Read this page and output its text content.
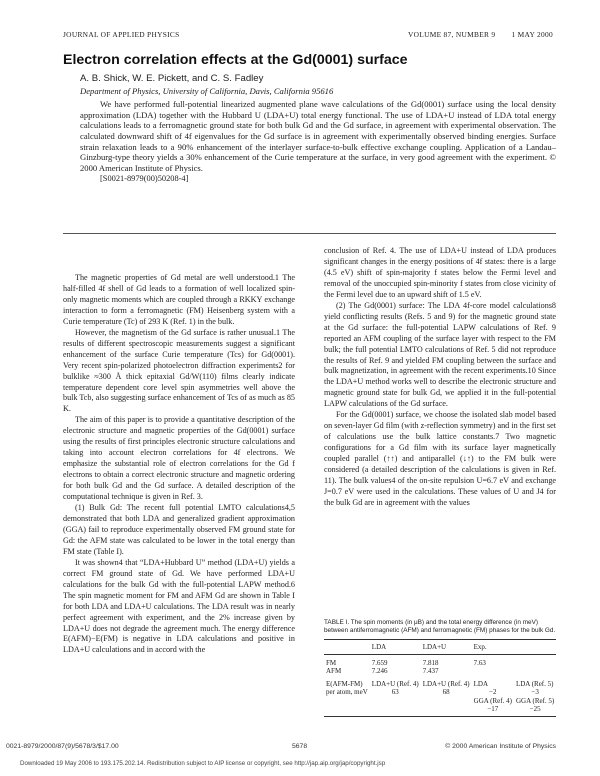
JOURNAL OF APPLIED PHYSICS	VOLUME 87, NUMBER 9 1 MAY 2000
Electron correlation effects at the Gd(0001) surface
A. B. Shick, W. E. Pickett, and C. S. Fadley
Department of Physics, University of California, Davis, California 95616

We have performed full-potential linearized augmented plane wave calculations of the Gd(0001) surface using the local density approximation (LDA) together with the Hubbard U (LDA+U) total energy functional. The use of LDA+U instead of LDA total energy calculations leads to a ferromagnetic ground state for both bulk Gd and the Gd surface, in agreement with experimental observation. The calculated downward shift of 4f eigenvalues for the Gd surface is in agreement with experimentally observed binding energies. Surface strain relaxation leads to a 90% enhancement of the interlayer surface-to-bulk effective exchange coupling. Application of a Landau–Ginzburg-type theory yields a 30% enhancement of the Curie temperature at the surface, in very good agreement with the experiment. © 2000 American Institute of Physics.

[S0021-8979(00)50208-4]

The magnetic properties of Gd metal are well understood.1 The half-filled 4f shell of Gd leads to a formation of well localized spin-only magnetic moments which are coupled through a RKKY exchange interaction to form a ferromagnetic (FM) Heisenberg system with a Curie temperature (Tc) of 293 K (Ref. 1) in the bulk.

However, the magnetism of the Gd surface is rather unusual.1 The results of different spectroscopic measurements suggest a significant enhancement of the surface Curie temperature (Tcs) for Gd(0001). Very recent spin-polarized photoelectron diffraction experiments2 for bulklike ≈300 Å thick epitaxial Gd/W(110) films clearly indicate temperature dependent core level spin asymmetries well above the bulk Tcb, also suggesting surface enhancement of Tcs of as much as 85 K.

The aim of this paper is to provide a quantitative description of the electronic structure and magnetic properties of the Gd(0001) surface using the results of first principles electronic structure calculations and taking into account electron correlations for 4f electrons. We emphasize the substantial role of electron correlations for the Gd f electrons to obtain a correct electronic structure and magnetic ordering for both bulk Gd and the Gd surface. A detailed description of the computational technique is given in Ref. 3.

(1) Bulk Gd: The recent full potential LMTO calculations4,5 demonstrated that both LDA and generalized gradient approximation (GGA) fail to reproduce experimentally observed FM ground state for Gd: the AFM state was calculated to be lower in the total energy than FM state (Table I).

It was shown4 that “LDA+Hubbard U” method (LDA+U) yields a correct FM ground state of Gd. We have performed LDA+U calculations for the bulk Gd with the full-potential LAPW method.6 The spin magnetic moment for FM and AFM Gd are shown in Table I for both LDA and LDA+U calculations. The LDA result was in nearly perfect agreement with experiment, and the 2% increase given by LDA+U does not degrade the agreement much. The energy difference E(AFM)−E(FM) is negative in LDA calculations and positive in LDA+U calculations and in accord with the

conclusion of Ref. 4. The use of LDA+U instead of LDA produces significant changes in the energy positions of 4f states: there is a large (4.5 eV) shift of spin-majority f states below the Fermi level and removal of the unoccupied spin-minority f states from close vicinity of the Fermi level due to an upward shift of 1.5 eV.

(2) The Gd(0001) surface: The LDA 4f-core model calculations8 yield conflicting results (Refs. 5 and 9) for the magnetic ground state at the Gd surface: the full-potential LAPW calculations of Ref. 9 reported an AFM coupling of the surface layer with respect to the FM bulk; the full potential LMTO calculations of Ref. 5 did not reproduce the results of Ref. 9 and yielded FM coupling between the surface and bulk magnetization, in agreement with the recent experiments.10 Since the LDA+U method works well to describe the electronic structure and magnetic ground state for bulk Gd, we applied it in the full-potential LAPW calculations of the Gd surface.

For the Gd(0001) surface, we choose the isolated slab model based on seven-layer Gd film (with z-reflection symmetry) and in the first set of calculations use the bulk lattice constants.7 Two magnetic configurations for a Gd film with its surface layer magnetically coupled parallel (↑↑) and antiparallel (↓↑) to the FM bulk were considered (a detailed description of the calculations is given in Ref. 11). The bulk values4 of the on-site repulsion U=6.7 eV and exchange J=0.7 eV were used in the calculations. These values of U and J4 for the bulk Gd are in agreement with the values

TABLE I. The spin moments (in μB) and the total energy difference (in meV) between antiferromagnetic (AFM) and ferromagnetic (FM) phases for the bulk Gd.

	LDA	LDA+U	Exp.	

FM	7.659	7.818	7.63	
AFM	7.246	7.437		

E(AFM-FM)	LDA+U (Ref. 4)	LDA+U (Ref. 4)	LDA	LDA (Ref. 5)
per atom, meV	63	68	−2	−3
			GGA (Ref. 4)	GGA (Ref. 5)
			−17	−25
0021-8979/2000/87(9)/5678/3/$17.00	5678	© 2000 American Institute of Physics
Downloaded 19 May 2006 to 193.175.202.14. Redistribution subject to AIP license or copyright, see http://jap.aip.org/jap/copyright.jsp
